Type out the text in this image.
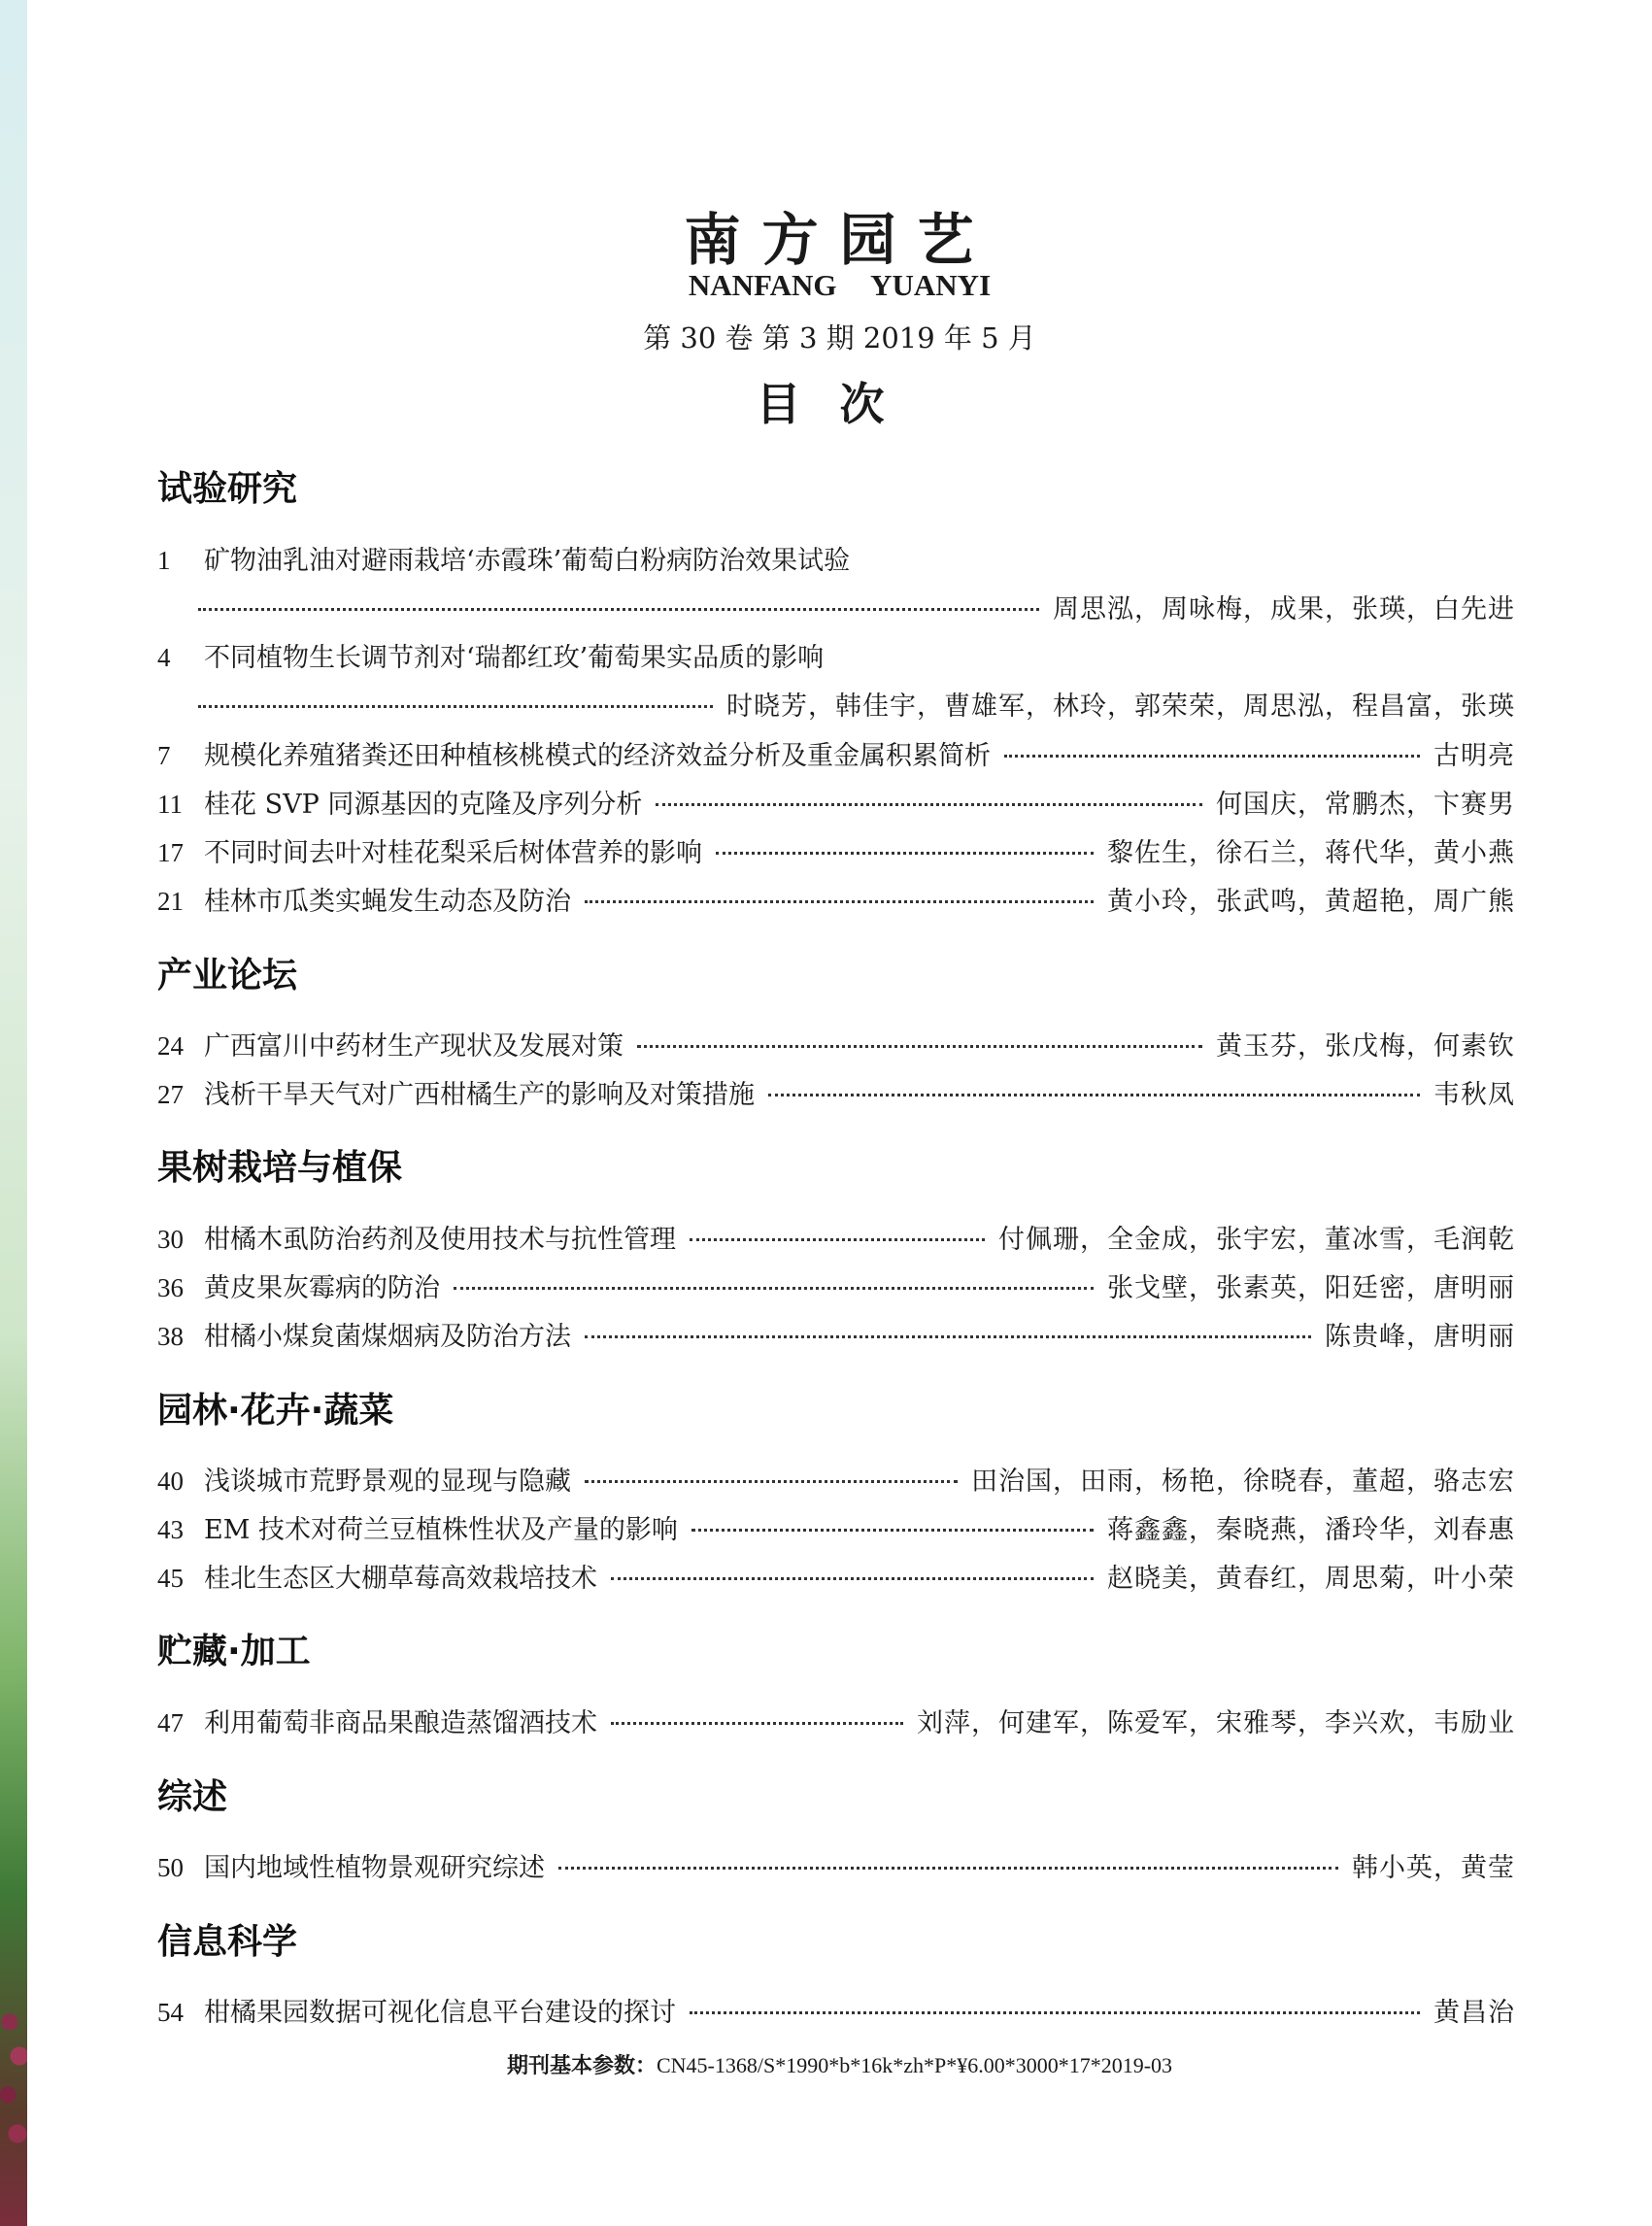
南方园艺
NANFANG YUANYI
第 30 卷 第 3 期 2019 年 5 月
目次
试验研究
1	矿物油乳油对避雨栽培‘赤霞珠’葡萄白粉病防治效果试验
周思泓，周咏梅，成果，张瑛，白先进
4	不同植物生长调节剂对‘瑞都红玫’葡萄果实品质的影响
时晓芳，韩佳宇，曹雄军，林玲，郭荣荣，周思泓，程昌富，张瑛
7	规模化养殖猪粪还田种植核桃模式的经济效益分析及重金属积累简析	古明亮
11 桂花 SVP 同源基因的克隆及序列分析	何国庆，常鹏杰，卞赛男
17 不同时间去叶对桂花梨采后树体营养的影响	黎佐生，徐石兰，蒋代华，黄小燕
21 桂林市瓜类实蝇发生动态及防治	黄小玲，张武鸣，黄超艳，周广熊
产业论坛
24 广西富川中药材生产现状及发展对策	黄玉芬，张戊梅，何素钦
27 浅析干旱天气对广西柑橘生产的影响及对策措施	韦秋凤
果树栽培与植保
30 柑橘木虱防治药剂及使用技术与抗性管理	付佩珊，全金成，张宇宏，董冰雪，毛润乾
36 黄皮果灰霉病的防治	张戈壁，张素英，阳廷密，唐明丽
38 柑橘小煤炱菌煤烟病及防治方法	陈贵峰，唐明丽
园林·花卉·蔬菜
40 浅谈城市荒野景观的显现与隐藏	田治国，田雨，杨艳，徐晓春，董超，骆志宏
43 EM 技术对荷兰豆植株性状及产量的影响	蒋鑫鑫，秦晓燕，潘玲华，刘春惠
45 桂北生态区大棚草莓高效栽培技术	赵晓美，黄春红，周思菊，叶小荣
贮藏·加工
47 利用葡萄非商品果酿造蒸馏酒技术	刘萍，何建军，陈爱军，宋雅琴，李兴欢，韦励业
综述
50 国内地域性植物景观研究综述	韩小英，黄莹
信息科学
54 柑橘果园数据可视化信息平台建设的探讨	黄昌治
期刊基本参数：CN45-1368/S*1990*b*16k*zh*P*¥6.00*3000*17*2019-03
